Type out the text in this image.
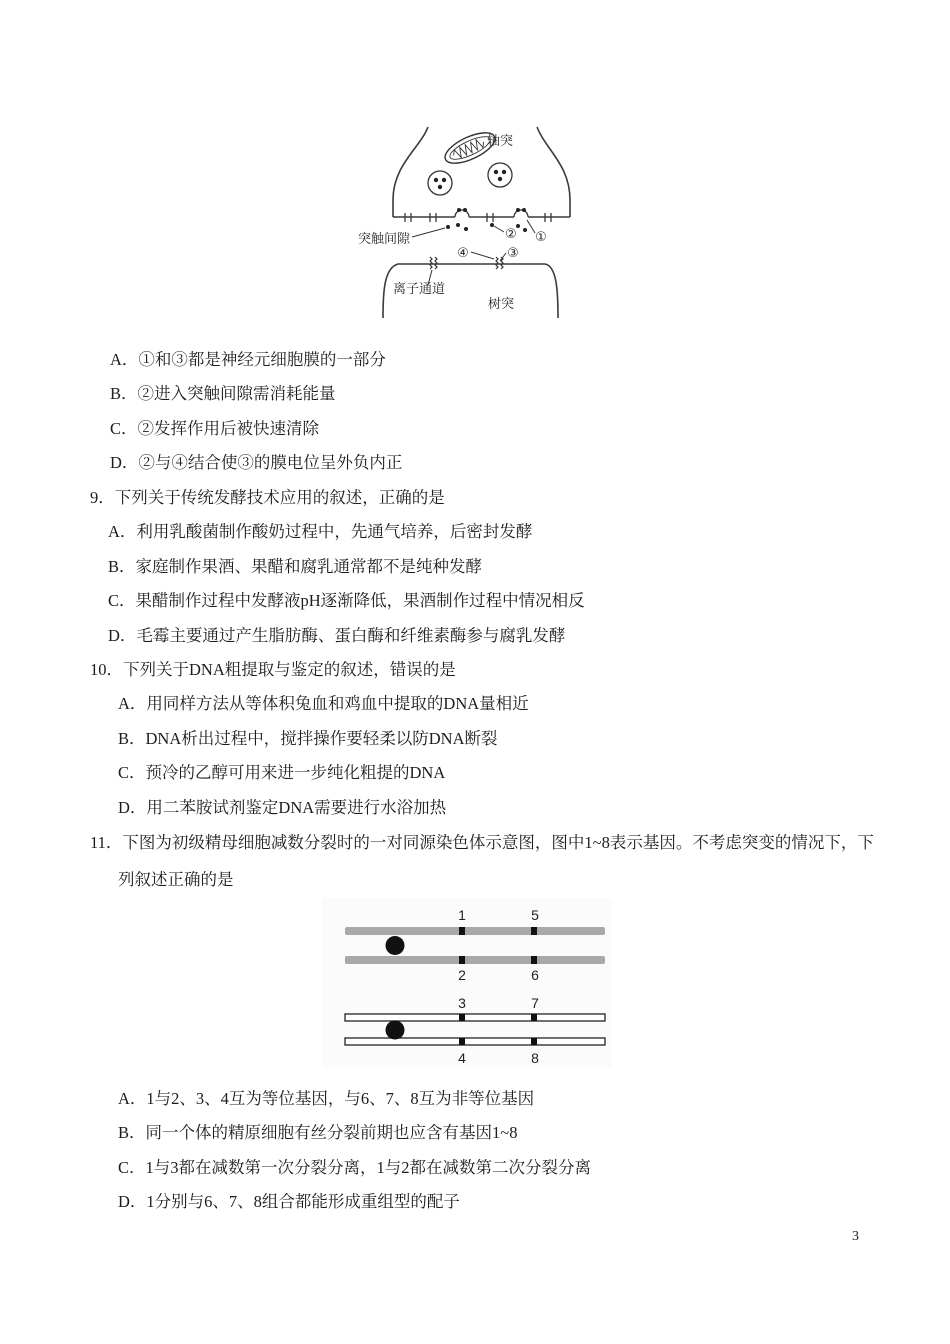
轴突
突触间隙
离子通道
树突
② ①
④	③
A．①和③都是神经元细胞膜的一部分
B．②进入突触间隙需消耗能量
C．②发挥作用后被快速清除
D．②与④结合使③的膜电位呈外负内正
9．下列关于传统发酵技术应用的叙述，正确的是
A．利用乳酸菌制作酸奶过程中，先通气培养，后密封发酵
B．家庭制作果酒、果醋和腐乳通常都不是纯种发酵
C．果醋制作过程中发酵液pH逐渐降低，果酒制作过程中情况相反
D．毛霉主要通过产生脂肪酶、蛋白酶和纤维素酶参与腐乳发酵
10．下列关于DNA粗提取与鉴定的叙述，错误的是
A．用同样方法从等体积兔血和鸡血中提取的DNA量相近
B．DNA析出过程中，搅拌操作要轻柔以防DNA断裂
C．预冷的乙醇可用来进一步纯化粗提的DNA
D．用二苯胺试剂鉴定DNA需要进行水浴加热
11．下图为初级精母细胞减数分裂时的一对同源染色体示意图，图中1~8表示基因。不考虑突变的情况下，下
列叙述正确的是
1	5
2	6
3	7
4	8
A．1与2、3、4互为等位基因，与6、7、8互为非等位基因
B．同一个体的精原细胞有丝分裂前期也应含有基因1~8
C．1与3都在减数第一次分裂分离，1与2都在减数第二次分裂分离
D．1分别与6、7、8组合都能形成重组型的配子
3
